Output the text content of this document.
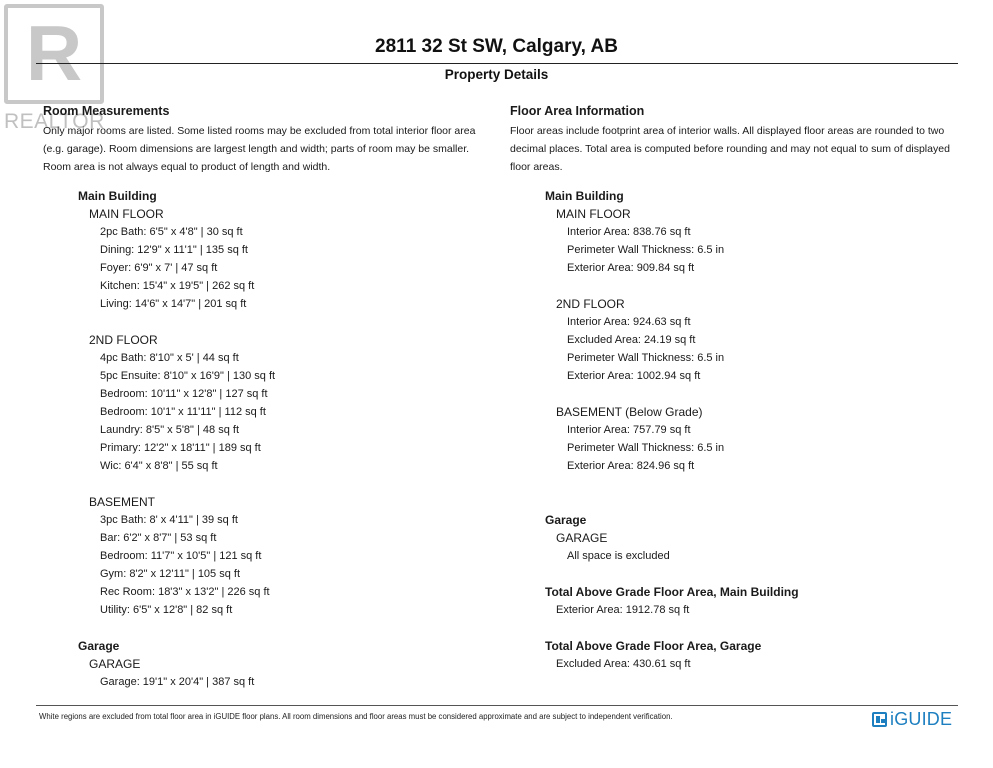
R
REALTOR
2811 32 St SW, Calgary, AB
Property Details
Room Measurements
Only major rooms are listed. Some listed rooms may be excluded from total interior floor area
(e.g. garage). Room dimensions are largest length and width; parts of room may be smaller.
Room area is not always equal to product of length and width.
Main Building
MAIN FLOOR
2pc Bath: 6'5" x 4'8" | 30 sq ft
Dining: 12'9" x 11'1" | 135 sq ft
Foyer: 6'9" x 7' | 47 sq ft
Kitchen: 15'4" x 19'5" | 262 sq ft
Living: 14'6" x 14'7" | 201 sq ft
2ND FLOOR
4pc Bath: 8'10" x 5' | 44 sq ft
5pc Ensuite: 8'10" x 16'9" | 130 sq ft
Bedroom: 10'11" x 12'8" | 127 sq ft
Bedroom: 10'1" x 11'11" | 112 sq ft
Laundry: 8'5" x 5'8" | 48 sq ft
Primary: 12'2" x 18'11" | 189 sq ft
Wic: 6'4" x 8'8" | 55 sq ft
BASEMENT
3pc Bath: 8' x 4'11" | 39 sq ft
Bar: 6'2" x 8'7" | 53 sq ft
Bedroom: 11'7" x 10'5" | 121 sq ft
Gym: 8'2" x 12'11" | 105 sq ft
Rec Room: 18'3" x 13'2" | 226 sq ft
Utility: 6'5" x 12'8" | 82 sq ft
Garage
GARAGE
Garage: 19'1" x 20'4" | 387 sq ft
Floor Area Information
Floor areas include footprint area of interior walls. All displayed floor areas are rounded to two
decimal places. Total area is computed before rounding and may not equal to sum of displayed
floor areas.
Main Building
MAIN FLOOR
Interior Area: 838.76 sq ft
Perimeter Wall Thickness: 6.5 in
Exterior Area: 909.84 sq ft
2ND FLOOR
Interior Area: 924.63 sq ft
Excluded Area: 24.19 sq ft
Perimeter Wall Thickness: 6.5 in
Exterior Area: 1002.94 sq ft
BASEMENT (Below Grade)
Interior Area: 757.79 sq ft
Perimeter Wall Thickness: 6.5 in
Exterior Area: 824.96 sq ft
Garage
GARAGE
All space is excluded
Total Above Grade Floor Area, Main Building
Exterior Area: 1912.78 sq ft
Total Above Grade Floor Area, Garage
Excluded Area: 430.61 sq ft
White regions are excluded from total floor area in iGUIDE floor plans. All room dimensions and floor areas must be considered approximate and are subject to independent verification.	iGUIDE
